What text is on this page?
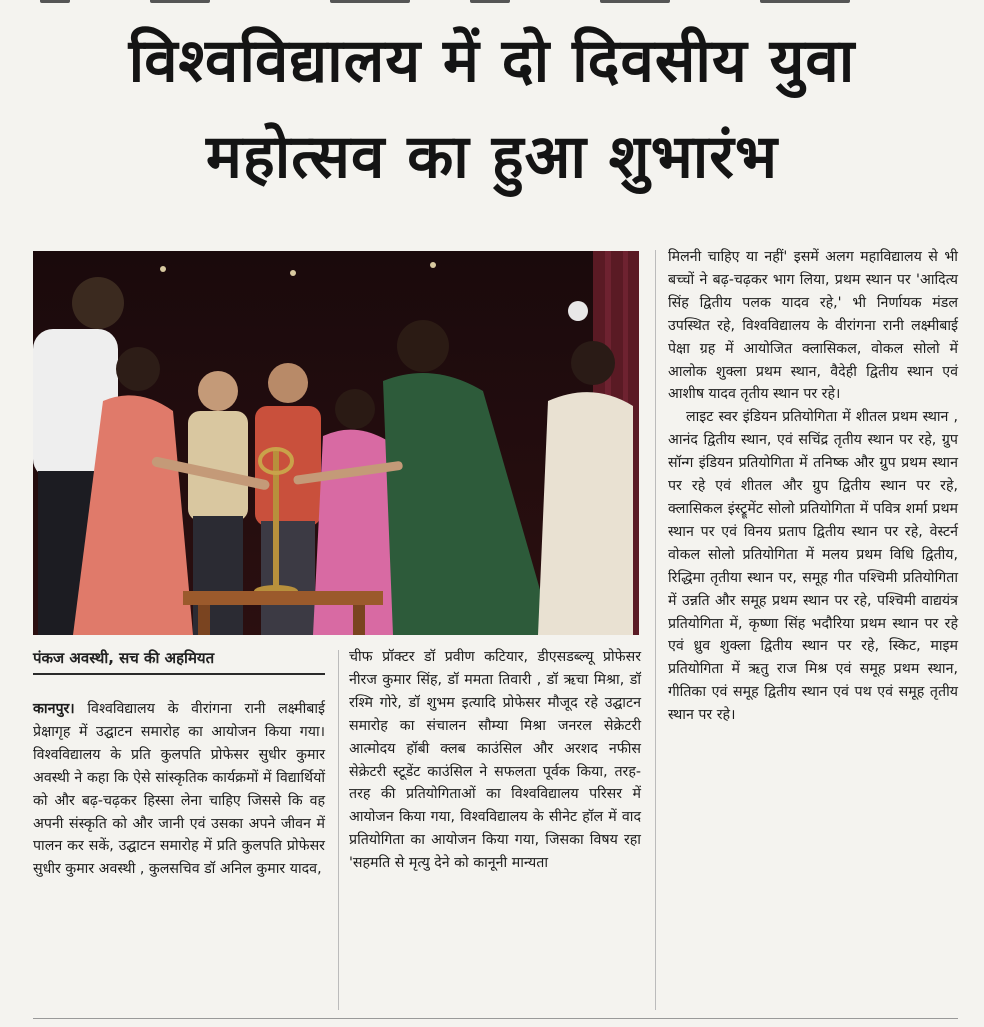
विश्वविद्यालय में दो दिवसीय युवा
महोत्सव का हुआ शुभारंभ
पंकज अवस्थी, सच की अहमियत

कानपुर। विश्वविद्यालय के वीरांगना रानी लक्ष्मीबाई प्रेक्षागृह में उद्घाटन समारोह का आयोजन किया गया। विश्वविद्यालय के प्रति कुलपति प्रोफेसर सुधीर कुमार अवस्थी ने कहा कि ऐसे सांस्कृतिक कार्यक्रमों में विद्यार्थियों को और बढ़-चढ़कर हिस्सा लेना चाहिए जिससे कि वह अपनी संस्कृति को और जानी एवं उसका अपने जीवन में पालन कर सकें, उद्घाटन समारोह में प्रति कुलपति प्रोफेसर सुधीर कुमार अवस्थी , कुलसचिव डॉ अनिल कुमार यादव,

चीफ प्रॉक्टर डॉ प्रवीण कटियार, डीएसडब्ल्यू प्रोफेसर नीरज कुमार सिंह, डॉ ममता तिवारी , डॉ ऋचा मिश्रा, डॉ रश्मि गोरे, डॉ शुभम इत्यादि प्रोफेसर मौजूद रहे उद्घाटन समारोह का संचालन सौम्या मिश्रा जनरल सेक्रेटरी आत्मोदय हॉबी क्लब काउंसिल और अरशद नफीस सेक्रेटरी स्टूडेंट काउंसिल ने सफलता पूर्वक किया, तरह-तरह की प्रतियोगिताओं का विश्वविद्यालय परिसर में आयोजन किया गया, विश्वविद्यालय के सीनेट हॉल में वाद प्रतियोगिता का आयोजन किया गया, जिसका विषय रहा 'सहमति से मृत्यु देने को कानूनी मान्यता

मिलनी चाहिए या नहीं' इसमें अलग महाविद्यालय से भी बच्चों ने बढ़-चढ़कर भाग लिया, प्रथम स्थान पर 'आदित्य सिंह द्वितीय पलक यादव रहे,' भी निर्णायक मंडल उपस्थित रहे, विश्वविद्यालय के वीरांगना रानी लक्ष्मीबाई पेक्षा ग्रह में आयोजित क्लासिकल, वोकल सोलो में आलोक शुक्ला प्रथम स्थान, वैदेही द्वितीय स्थान एवं आशीष यादव तृतीय स्थान पर रहे।

लाइट स्वर इंडियन प्रतियोगिता में शीतल प्रथम स्थान , आनंद द्वितीय स्थान, एवं सचिंद्र तृतीय स्थान पर रहे, ग्रुप सॉन्ग इंडियन प्रतियोगिता में तनिष्क और ग्रुप प्रथम स्थान पर रहे एवं शीतल और ग्रुप द्वितीय स्थान पर रहे, क्लासिकल इंस्ट्रूमेंट सोलो प्रतियोगिता में पवित्र शर्मा प्रथम स्थान पर एवं विनय प्रताप द्वितीय स्थान पर रहे, वेस्टर्न वोकल सोलो प्रतियोगिता में मलय प्रथम विधि द्वितीय, रिद्धिमा तृतीया स्थान पर, समूह गीत पश्चिमी प्रतियोगिता में उन्नति और समूह प्रथम स्थान पर रहे, पश्चिमी वाद्ययंत्र प्रतियोगिता में, कृष्णा सिंह भदौरिया प्रथम स्थान पर रहे एवं ध्रुव शुक्ला द्वितीय स्थान पर रहे, स्किट, माइम प्रतियोगिता में ऋतु राज मिश्र एवं समूह प्रथम स्थान, गीतिका एवं समूह द्वितीय स्थान एवं पथ एवं समूह तृतीय स्थान पर रहे।
